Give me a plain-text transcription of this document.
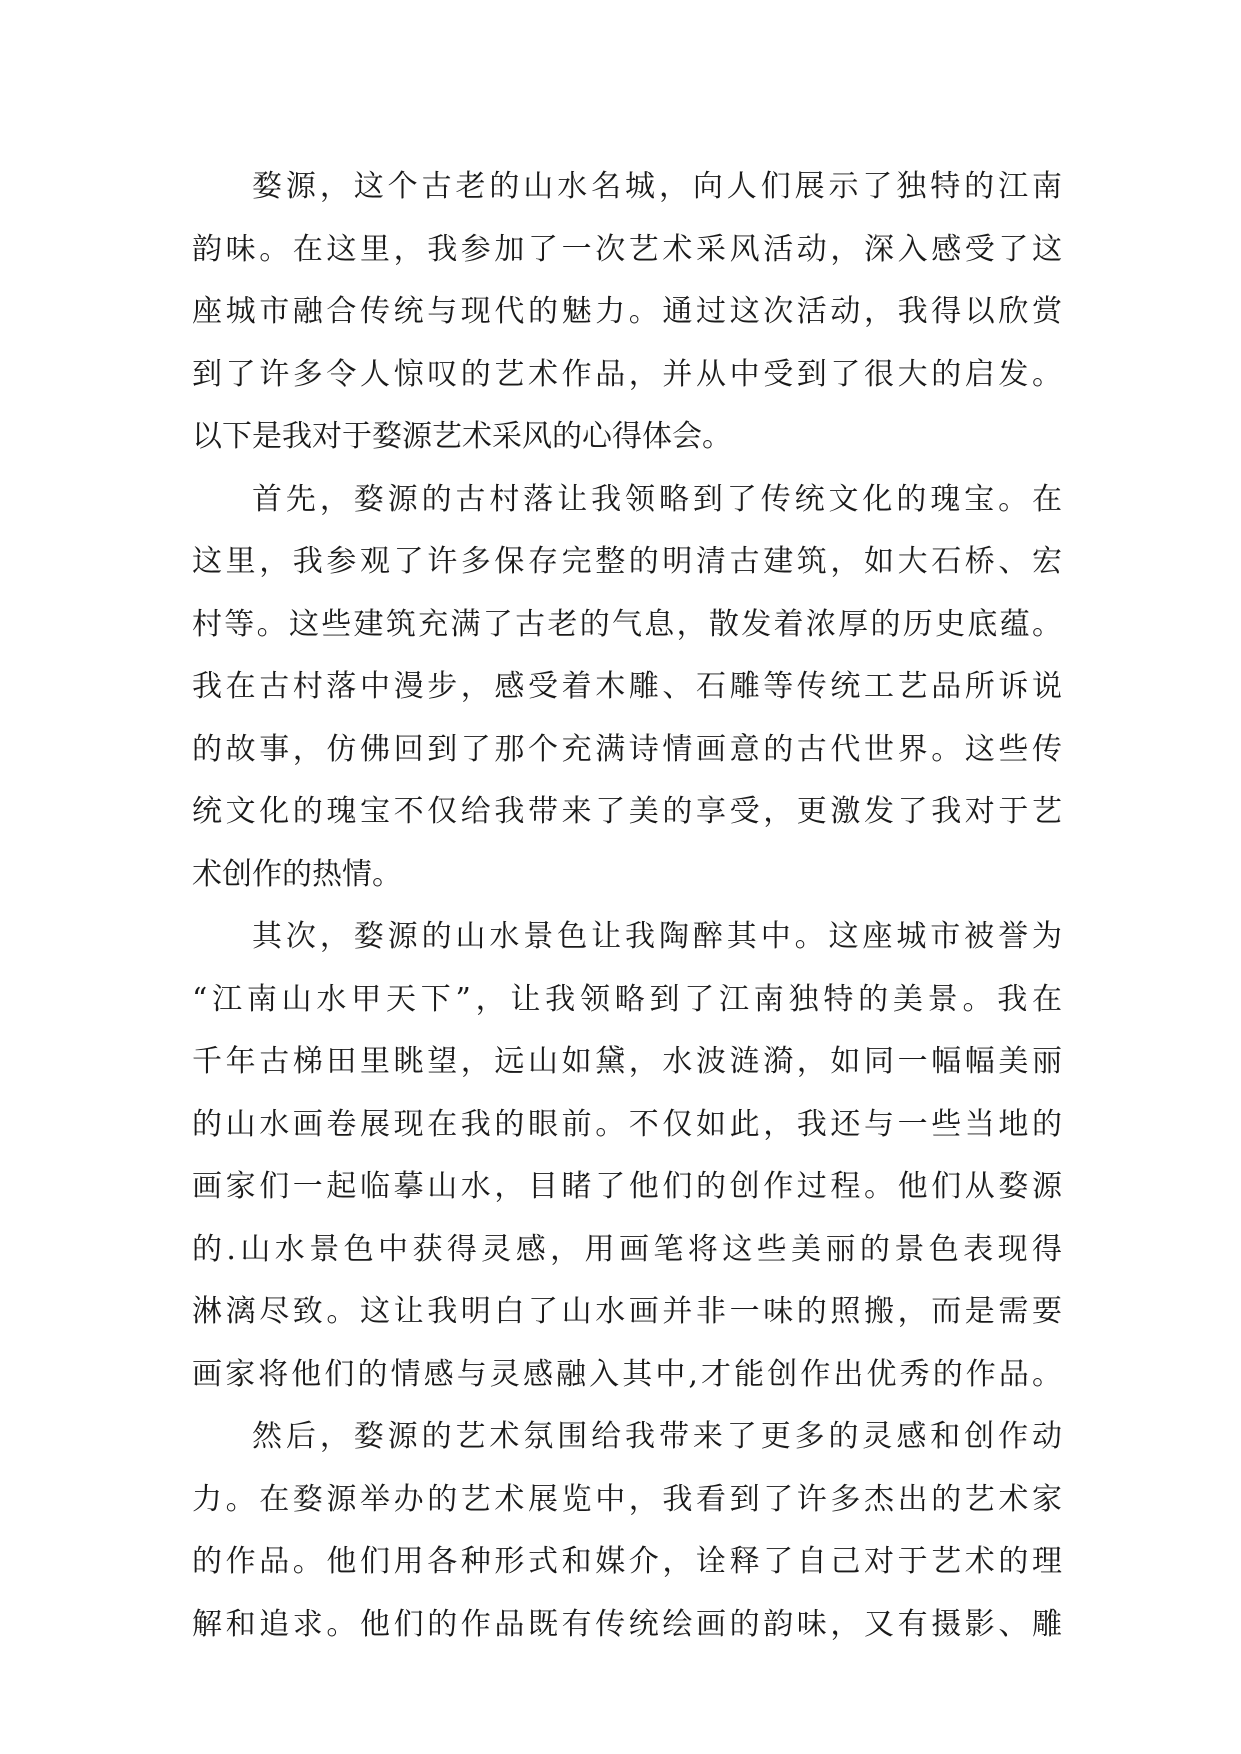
婺源，这个古老的山水名城，向人们展示了独特的江南
韵味。在这里，我参加了一次艺术采风活动，深入感受了这
座城市融合传统与现代的魅力。通过这次活动，我得以欣赏
到了许多令人惊叹的艺术作品，并从中受到了很大的启发。
以下是我对于婺源艺术采风的心得体会。
首先，婺源的古村落让我领略到了传统文化的瑰宝。在
这里，我参观了许多保存完整的明清古建筑，如大石桥、宏
村等。这些建筑充满了古老的气息，散发着浓厚的历史底蕴。
我在古村落中漫步，感受着木雕、石雕等传统工艺品所诉说
的故事，仿佛回到了那个充满诗情画意的古代世界。这些传
统文化的瑰宝不仅给我带来了美的享受，更激发了我对于艺
术创作的热情。
其次，婺源的山水景色让我陶醉其中。这座城市被誉为
“江南山水甲天下”，让我领略到了江南独特的美景。我在
千年古梯田里眺望，远山如黛，水波涟漪，如同一幅幅美丽
的山水画卷展现在我的眼前。不仅如此，我还与一些当地的
画家们一起临摹山水，目睹了他们的创作过程。他们从婺源
的.山水景色中获得灵感，用画笔将这些美丽的景色表现得
淋漓尽致。这让我明白了山水画并非一味的照搬，而是需要
画家将他们的情感与灵感融入其中,才能创作出优秀的作品。
然后，婺源的艺术氛围给我带来了更多的灵感和创作动
力。在婺源举办的艺术展览中，我看到了许多杰出的艺术家
的作品。他们用各种形式和媒介，诠释了自己对于艺术的理
解和追求。他们的作品既有传统绘画的韵味，又有摄影、雕
